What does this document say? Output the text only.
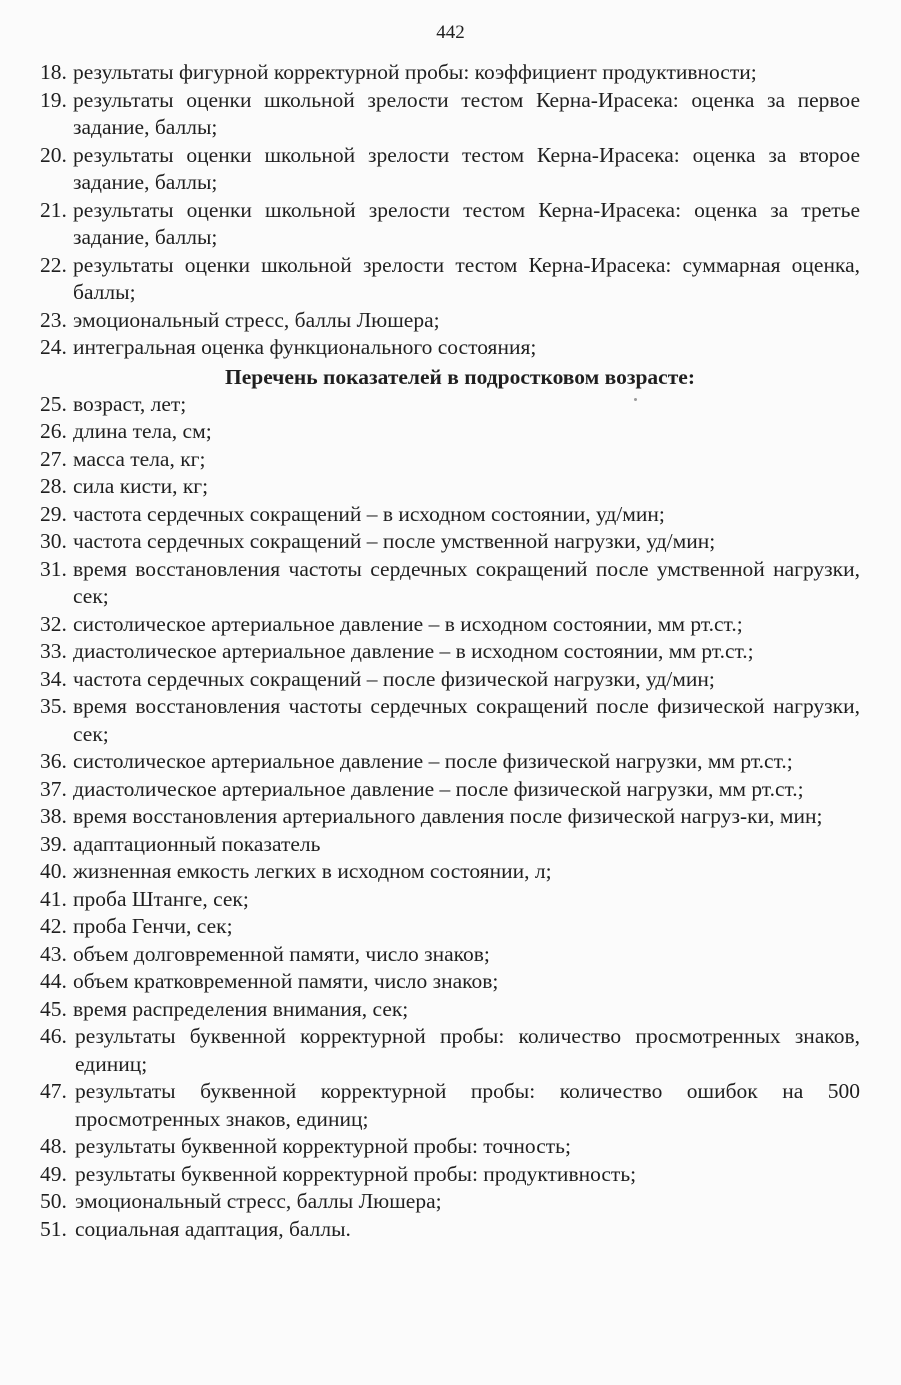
442
18. результаты фигурной корректурной пробы: коэффициент продуктивности;
19. результаты оценки школьной зрелости тестом Керна-Ирасека: оценка за первое задание, баллы;
20. результаты оценки школьной зрелости тестом Керна-Ирасека: оценка за второе задание, баллы;
21. результаты оценки школьной зрелости тестом Керна-Ирасека: оценка за третье задание, баллы;
22. результаты оценки школьной зрелости тестом Керна-Ирасека: суммарная оценка, баллы;
23. эмоциональный стресс, баллы Люшера;
24. интегральная оценка функционального состояния;
Перечень показателей в подростковом возрасте:
25. возраст, лет;
26. длина тела, см;
27. масса тела, кг;
28. сила кисти, кг;
29. частота сердечных сокращений – в исходном состоянии, уд/мин;
30. частота сердечных сокращений – после умственной нагрузки, уд/мин;
31. время восстановления частоты сердечных сокращений после умственной нагрузки, сек;
32. систолическое артериальное давление – в исходном состоянии, мм рт.ст.;
33. диастолическое артериальное давление – в исходном состоянии, мм рт.ст.;
34. частота сердечных сокращений – после физической нагрузки, уд/мин;
35. время восстановления частоты сердечных сокращений после физической нагрузки, сек;
36. систолическое артериальное давление – после физической нагрузки, мм рт.ст.;
37. диастолическое артериальное давление – после физической нагрузки, мм рт.ст.;
38. время восстановления артериального давления после физической нагруз-ки, мин;
39. адаптационный показатель
40. жизненная емкость легких в исходном состоянии, л;
41. проба Штанге, сек;
42. проба Генчи, сек;
43. объем долговременной памяти, число знаков;
44. объем кратковременной памяти, число знаков;
45. время распределения внимания, сек;
46. результаты буквенной корректурной пробы: количество просмотренных знаков, единиц;
47. результаты буквенной корректурной пробы: количество ошибок на 500 просмотренных знаков, единиц;
48. результаты буквенной корректурной пробы: точность;
49. результаты буквенной корректурной пробы: продуктивность;
50. эмоциональный стресс, баллы Люшера;
51. социальная адаптация, баллы.
